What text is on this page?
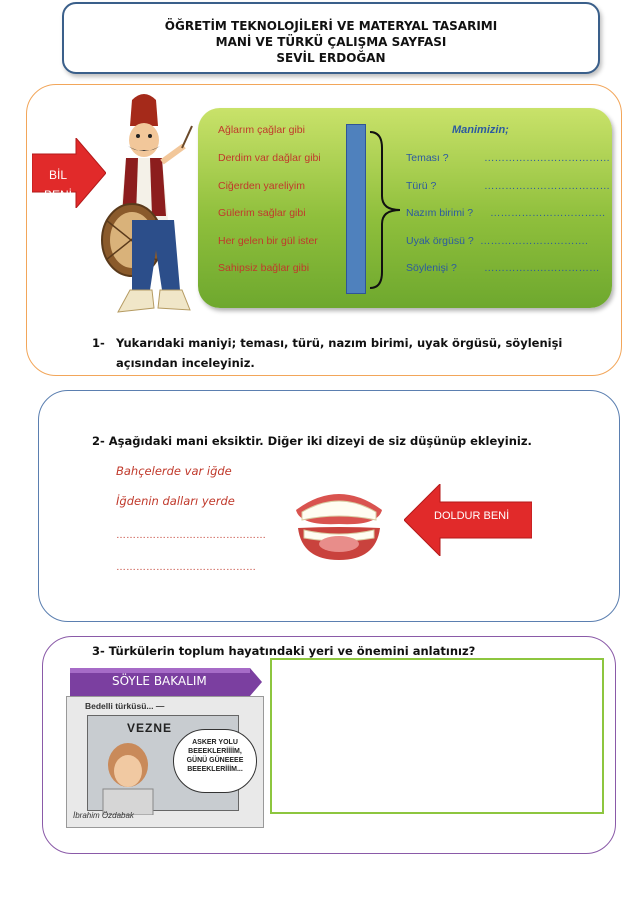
ÖĞRETİM TEKNOLOJİLERİ VE MATERYAL TASARIMI
MANİ VE TÜRKÜ ÇALIŞMA SAYFASI
SEVİL ERDOĞAN
BİL
BENİ
Ağlarım çağlar gibi
Derdim var dağlar gibi
Ciğerden yareliyim
Gülerim sağlar gibi
Her gelen bir gül ister
Sahipsiz bağlar gibi
Manimizin;
Teması ?	………………………………
Türü ?	………………………………
Nazım birimi ? ……………………………
Uyak örgüsü ? ………………………….
Söylenişi ?	……………………………
1- Yukarıdaki maniyi; teması, türü, nazım birimi, uyak örgüsü, söylenişi
açısından inceleyiniz.
2- Aşağıdaki mani eksiktir. Diğer iki dizeyi de siz düşünüp ekleyiniz.
Bahçelerde var iğde
İğdenin dalları yerde
………………………………………
……………………………………
DOLDUR BENİ
3- Türkülerin toplum hayatındaki yeri ve önemini anlatınız?
SÖYLE BAKALIM
Bedelli türküsü... —
VEZNE
ASKER YOLU BEEEKLERİİİİM, GÜNÜ GÜNEEEE BEEEKLERİİİM...
İbrahim Özdabak
